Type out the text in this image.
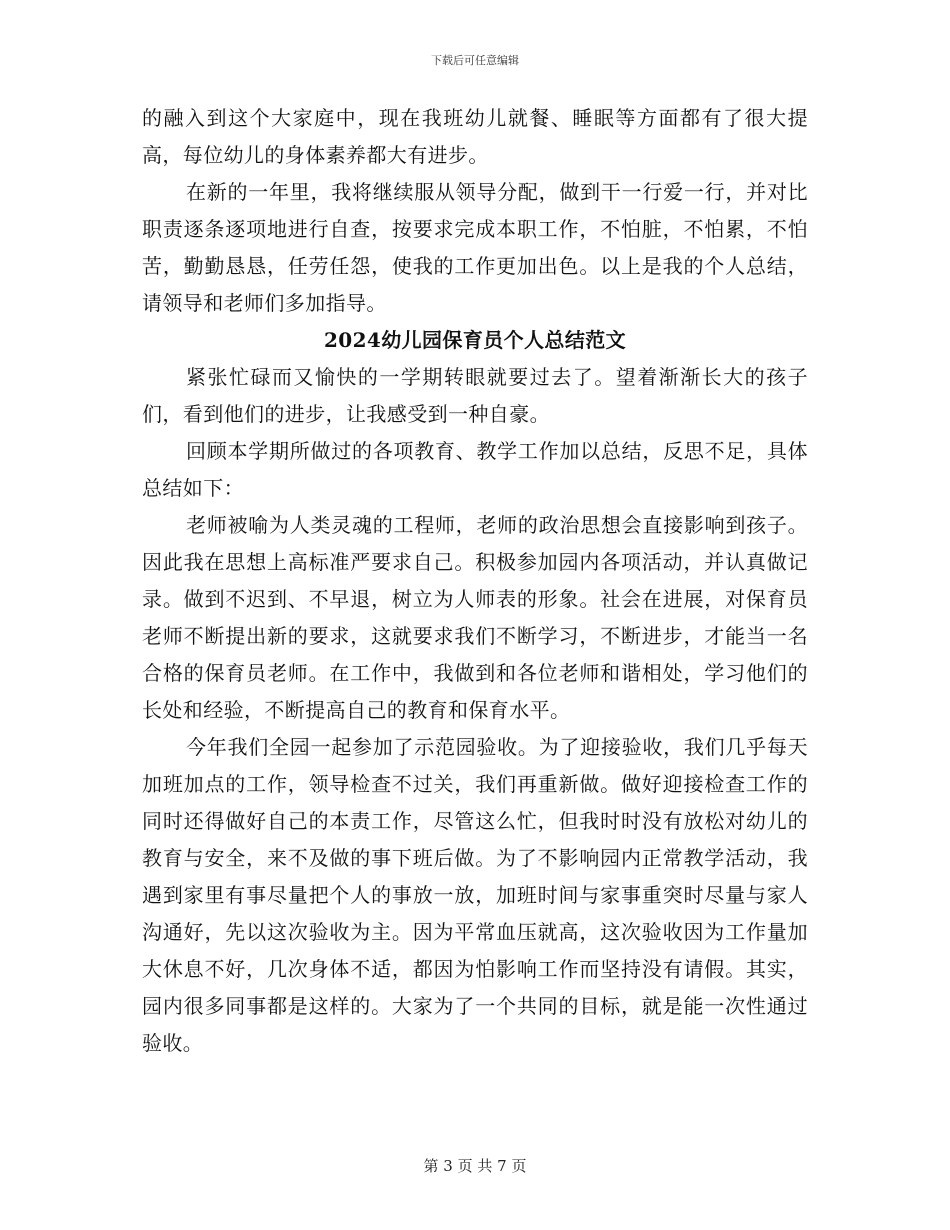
下载后可任意编辑

的融入到这个大家庭中，现在我班幼儿就餐、睡眠等方面都有了很大提高，每位幼儿的身体素养都大有进步。

在新的一年里，我将继续服从领导分配，做到干一行爱一行，并对比职责逐条逐项地进行自查，按要求完成本职工作，不怕脏，不怕累，不怕苦，勤勤恳恳，任劳任怨，使我的工作更加出色。以上是我的个人总结，请领导和老师们多加指导。

2024幼儿园保育员个人总结范文

紧张忙碌而又愉快的一学期转眼就要过去了。望着渐渐长大的孩子们，看到他们的进步，让我感受到一种自豪。

回顾本学期所做过的各项教育、教学工作加以总结，反思不足，具体总结如下：

老师被喻为人类灵魂的工程师，老师的政治思想会直接影响到孩子。因此我在思想上高标准严要求自己。积极参加园内各项活动，并认真做记录。做到不迟到、不早退，树立为人师表的形象。社会在进展，对保育员老师不断提出新的要求，这就要求我们不断学习，不断进步，才能当一名合格的保育员老师。在工作中，我做到和各位老师和谐相处，学习他们的长处和经验，不断提高自己的教育和保育水平。

今年我们全园一起参加了示范园验收。为了迎接验收，我们几乎每天加班加点的工作，领导检查不过关，我们再重新做。做好迎接检查工作的同时还得做好自己的本责工作，尽管这么忙，但我时时没有放松对幼儿的教育与安全，来不及做的事下班后做。为了不影响园内正常教学活动，我遇到家里有事尽量把个人的事放一放，加班时间与家事重突时尽量与家人沟通好，先以这次验收为主。因为平常血压就高，这次验收因为工作量加大休息不好，几次身体不适，都因为怕影响工作而坚持没有请假。其实，园内很多同事都是这样的。大家为了一个共同的目标，就是能一次性通过验收。

第 3 页 共 7 页
